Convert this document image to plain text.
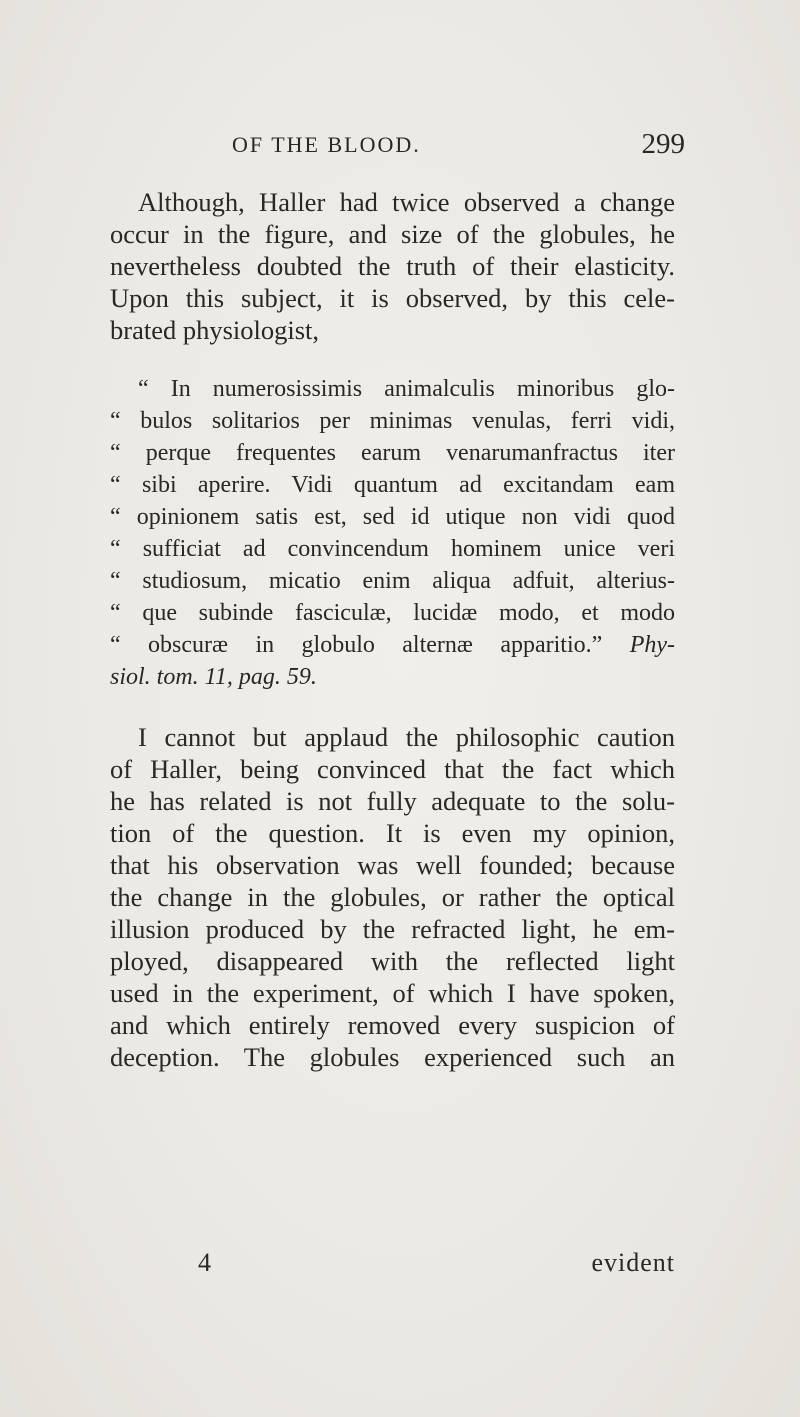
OF THE BLOOD.	299

Although, Haller had twice observed a change
occur in the figure, and size of the globules, he
nevertheless doubted the truth of their elasticity.
Upon this subject, it is observed, by this cele-
brated physiologist,

“ In numerosissimis animalculis minoribus glo-
“ bulos solitarios per minimas venulas, ferri vidi,
“ perque frequentes earum venarumanfractus iter
“ sibi aperire. Vidi quantum ad excitandam eam
“ opinionem satis est, sed id utique non vidi quod
“ sufficiat ad convincendum hominem unice veri
“ studiosum, micatio enim aliqua adfuit, alterius-
“ que subinde fasciculæ, lucidæ modo, et modo
“ obscuræ in globulo alternæ apparitio.” Phy-
siol. tom. 11, pag. 59.

I cannot but applaud the philosophic caution
of Haller, being convinced that the fact which
he has related is not fully adequate to the solu-
tion of the question. It is even my opinion,
that his observation was well founded; because
the change in the globules, or rather the optical
illusion produced by the refracted light, he em-
ployed, disappeared with the reflected light
used in the experiment, of which I have spoken,
and which entirely removed every suspicion of
deception. The globules experienced such an

4	evident
